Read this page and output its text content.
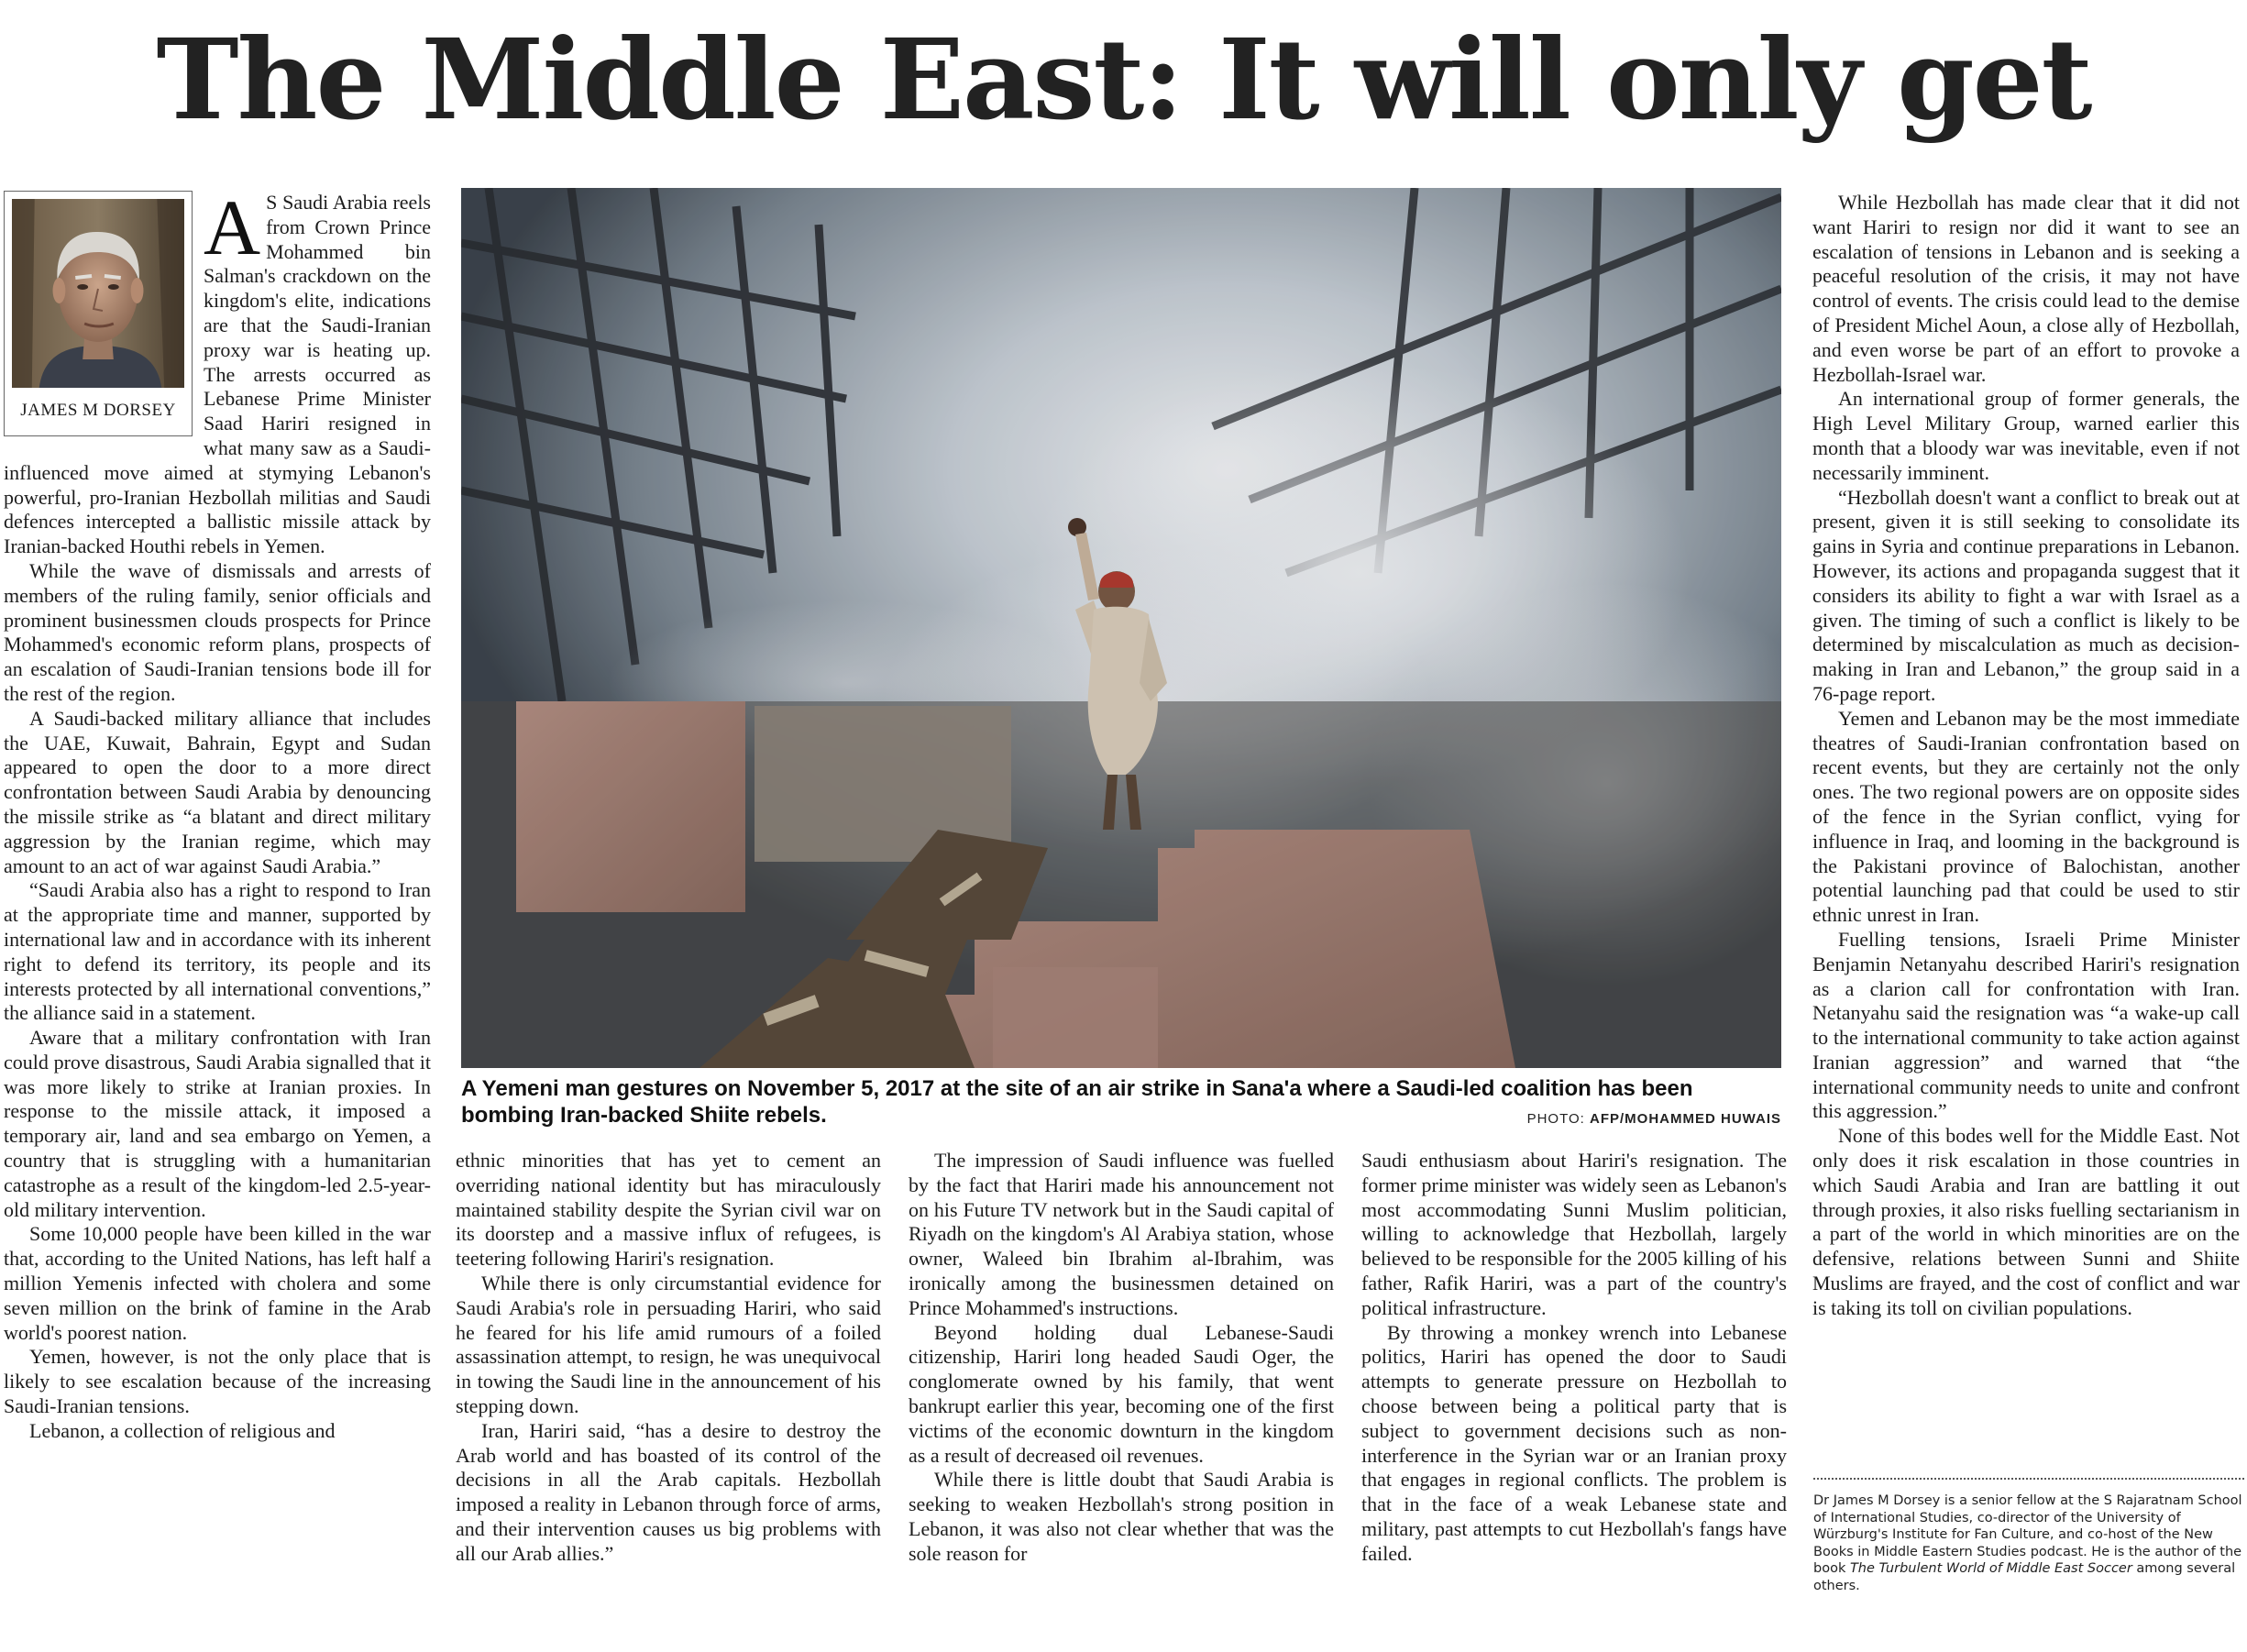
The Middle East: It will only get
JAMES M DORSEY
A S Saudi Arabia reels from Crown Prince Mohammed bin Salman's crackdown on the kingdom's elite, indications are that the Saudi-Iranian proxy war is heating up. The arrests occurred as Lebanese Prime Minister Saad Hariri resigned in what many saw as a Saudi-influenced move aimed at stymying Lebanon's powerful, pro-Iranian Hezbollah militias and Saudi defences intercepted a ballistic missile attack by Iranian-backed Houthi rebels in Yemen.

While the wave of dismissals and arrests of members of the ruling family, senior officials and prominent businessmen clouds prospects for Prince Mohammed's economic reform plans, prospects of an escalation of Saudi-Iranian tensions bode ill for the rest of the region.

A Saudi-backed military alliance that includes the UAE, Kuwait, Bahrain, Egypt and Sudan appeared to open the door to a more direct confrontation between Saudi Arabia by denouncing the missile strike as “a blatant and direct military aggression by the Iranian regime, which may amount to an act of war against Saudi Arabia.”

“Saudi Arabia also has a right to respond to Iran at the appropriate time and manner, supported by international law and in accordance with its inherent right to defend its territory, its people and its interests protected by all international conventions,” the alliance said in a statement.

Aware that a military confrontation with Iran could prove disastrous, Saudi Arabia signalled that it was more likely to strike at Iranian proxies. In response to the missile attack, it imposed a temporary air, land and sea embargo on Yemen, a country that is struggling with a humanitarian catastrophe as a result of the kingdom-led 2.5-year-old military intervention.

Some 10,000 people have been killed in the war that, according to the United Nations, has left half a million Yemenis infected with cholera and some seven million on the brink of famine in the Arab world's poorest nation.

Yemen, however, is not the only place that is likely to see escalation because of the increasing Saudi-Iranian tensions.

Lebanon, a collection of religious and

A Yemeni man gestures on November 5, 2017 at the site of an air strike in Sana'a where a Saudi-led coalition has been bombing Iran-backed Shiite rebels.	PHOTO: AFP/MOHAMMED HUWAIS

ethnic minorities that has yet to cement an overriding national identity but has miraculously maintained stability despite the Syrian civil war on its doorstep and a massive influx of refugees, is teetering following Hariri's resignation.

While there is only circumstantial evidence for Saudi Arabia's role in persuading Hariri, who said he feared for his life amid rumours of a foiled assassination attempt, to resign, he was unequivocal in towing the Saudi line in the announcement of his stepping down.

Iran, Hariri said, “has a desire to destroy the Arab world and has boasted of its control of the decisions in all the Arab capitals. Hezbollah imposed a reality in Lebanon through force of arms, and their intervention causes us big problems with all our Arab allies.”

The impression of Saudi influence was fuelled by the fact that Hariri made his announcement not on his Future TV network but in the Saudi capital of Riyadh on the kingdom's Al Arabiya station, whose owner, Waleed bin Ibrahim al-Ibrahim, was ironically among the businessmen detained on Prince Mohammed's instructions.

Beyond holding dual Lebanese-Saudi citizenship, Hariri long headed Saudi Oger, the conglomerate owned by his family, that went bankrupt earlier this year, becoming one of the first victims of the economic downturn in the kingdom as a result of decreased oil revenues.

While there is little doubt that Saudi Arabia is seeking to weaken Hezbollah's strong position in Lebanon, it was also not clear whether that was the sole reason for

Saudi enthusiasm about Hariri's resignation. The former prime minister was widely seen as Lebanon's most accommodating Sunni Muslim politician, willing to acknowledge that Hezbollah, largely believed to be responsible for the 2005 killing of his father, Rafik Hariri, was a part of the country's political infrastructure.

By throwing a monkey wrench into Lebanese politics, Hariri has opened the door to Saudi attempts to generate pressure on Hezbollah to choose between being a political party that is subject to government decisions such as non-interference in the Syrian war or an Iranian proxy that engages in regional conflicts. The problem is that in the face of a weak Lebanese state and military, past attempts to cut Hezbollah's fangs have failed.

While Hezbollah has made clear that it did not want Hariri to resign nor did it want to see an escalation of tensions in Lebanon and is seeking a peaceful resolution of the crisis, it may not have control of events. The crisis could lead to the demise of President Michel Aoun, a close ally of Hezbollah, and even worse be part of an effort to provoke a Hezbollah-Israel war.

An international group of former generals, the High Level Military Group, warned earlier this month that a bloody war was inevitable, even if not necessarily imminent.

“Hezbollah doesn't want a conflict to break out at present, given it is still seeking to consolidate its gains in Syria and continue preparations in Lebanon. However, its actions and propaganda suggest that it considers its ability to fight a war with Israel as a given. The timing of such a conflict is likely to be determined by miscalculation as much as decision-making in Iran and Lebanon,” the group said in a 76-page report.

Yemen and Lebanon may be the most immediate theatres of Saudi-Iranian confrontation based on recent events, but they are certainly not the only ones. The two regional powers are on opposite sides of the fence in the Syrian conflict, vying for influence in Iraq, and looming in the background is the Pakistani province of Balochistan, another potential launching pad that could be used to stir ethnic unrest in Iran.

Fuelling tensions, Israeli Prime Minister Benjamin Netanyahu described Hariri's resignation as a clarion call for confrontation with Iran. Netanyahu said the resignation was “a wake-up call to the international community to take action against Iranian aggression” and warned that “the international community needs to unite and confront this aggression.”

None of this bodes well for the Middle East. Not only does it risk escalation in those countries in which Saudi Arabia and Iran are battling it out through proxies, it also risks fuelling sectarianism in a part of the world in which minorities are on the defensive, relations between Sunni and Shiite Muslims are frayed, and the cost of conflict and war is taking its toll on civilian populations.

Dr James M Dorsey is a senior fellow at the S Rajaratnam School of International Studies, co-director of the University of Würzburg's Institute for Fan Culture, and co-host of the New Books in Middle Eastern Studies podcast. He is the author of the book The Turbulent World of Middle East Soccer among several others.
